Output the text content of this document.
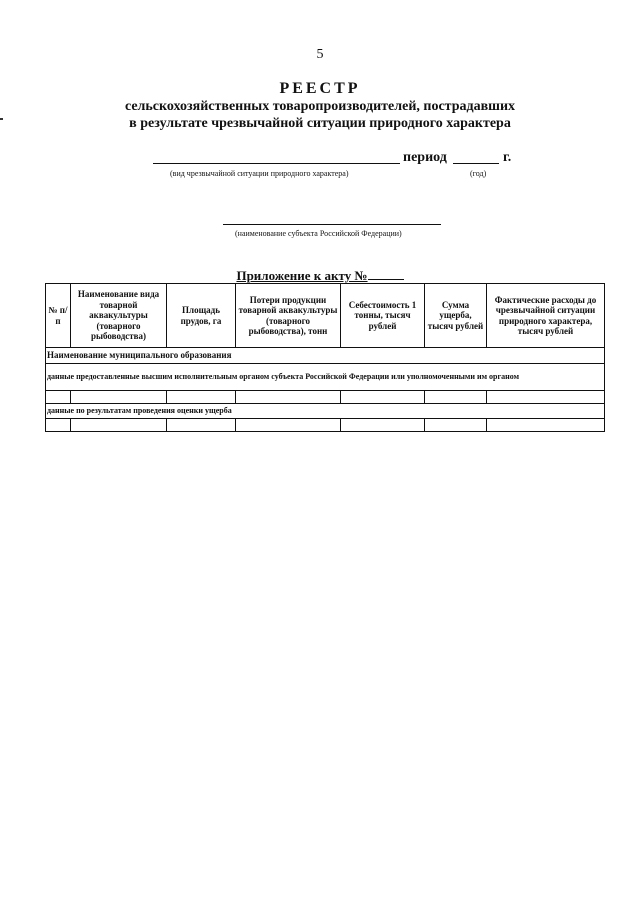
5
РЕЕСТР
сельскохозяйственных товаропроизводителей, пострадавших
в результате чрезвычайной ситуации природного характера
период	г.
(вид чрезвычайной ситуации природного характера)	(год)
(наименование субъекта Российской Федерации)
Приложение к акту №
№ п/п	Наименование вида товарной аквакультуры (товарного рыбоводства)	Площадь прудов, га	Потери продукции товарной аквакультуры (товарного рыбоводства), тонн	Себестоимость 1 тонны, тысяч рублей	Сумма ущерба, тысяч рублей	Фактические расходы до чрезвычайной ситуации природного характера, тысяч рублей
Наименование муниципального образования						
данные предоставленные высшим исполнительным органом субъекта Российской Федерации или уполномоченными им органом						

данные по результатам проведения оценки ущерба						
